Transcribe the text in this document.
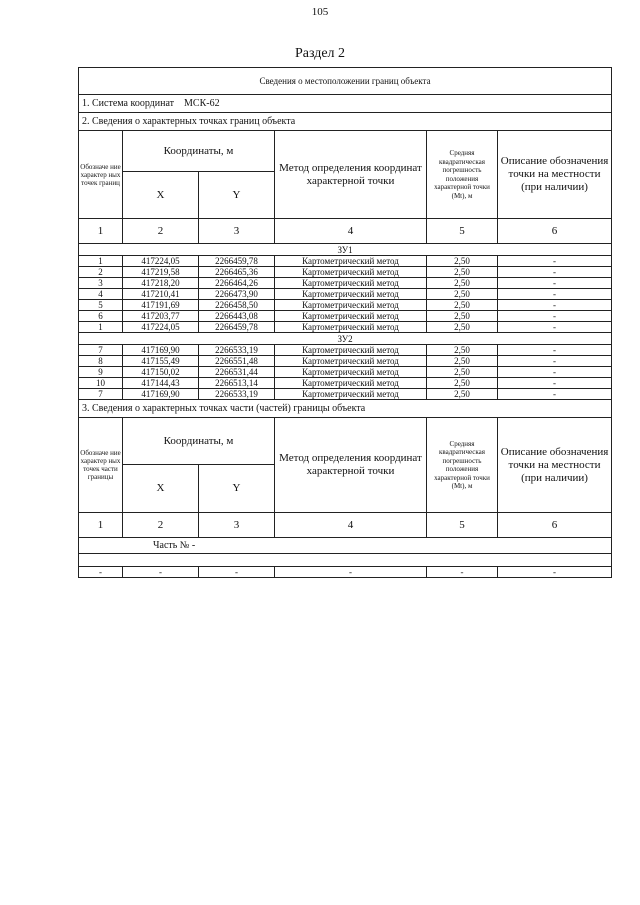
105
Раздел 2
Сведения о местоположении границ объекта					
1. Система координат МСК-62					
2. Сведения о характерных точках границ объекта					
Обозначе ние характер ных точек границ	Координаты, м		Метод определения координат характерной точки	Средняя квадратическая погрешность положения характерной точки (Mt), м	Описание обозначения точки на местности (при наличии)
	X	Y			
1	2	3	4	5	6
ЗУ1					
1	417224,05	2266459,78	Картометрический метод	2,50	-
2	417219,58	2266465,36	Картометрический метод	2,50	-
3	417218,20	2266464,26	Картометрический метод	2,50	-
4	417210,41	2266473,90	Картометрический метод	2,50	-
5	417191,69	2266458,50	Картометрический метод	2,50	-
6	417203,77	2266443,08	Картометрический метод	2,50	-
1	417224,05	2266459,78	Картометрический метод	2,50	-
ЗУ2					
7	417169,90	2266533,19	Картометрический метод	2,50	-
8	417155,49	2266551,48	Картометрический метод	2,50	-
9	417150,02	2266531,44	Картометрический метод	2,50	-
10	417144,43	2266513,14	Картометрический метод	2,50	-
7	417169,90	2266533,19	Картометрический метод	2,50	-
3. Сведения о характерных точках части (частей) границы объекта					
Обозначе ние характер ных точек части границы	Координаты, м		Метод определения координат характерной точки	Средняя квадратическая погрешность положения характерной точки (Mt), м	Описание обозначения точки на местности (при наличии)
	X	Y			
1	2	3	4	5	6
Часть № -					

-	-	-	-	-	-
